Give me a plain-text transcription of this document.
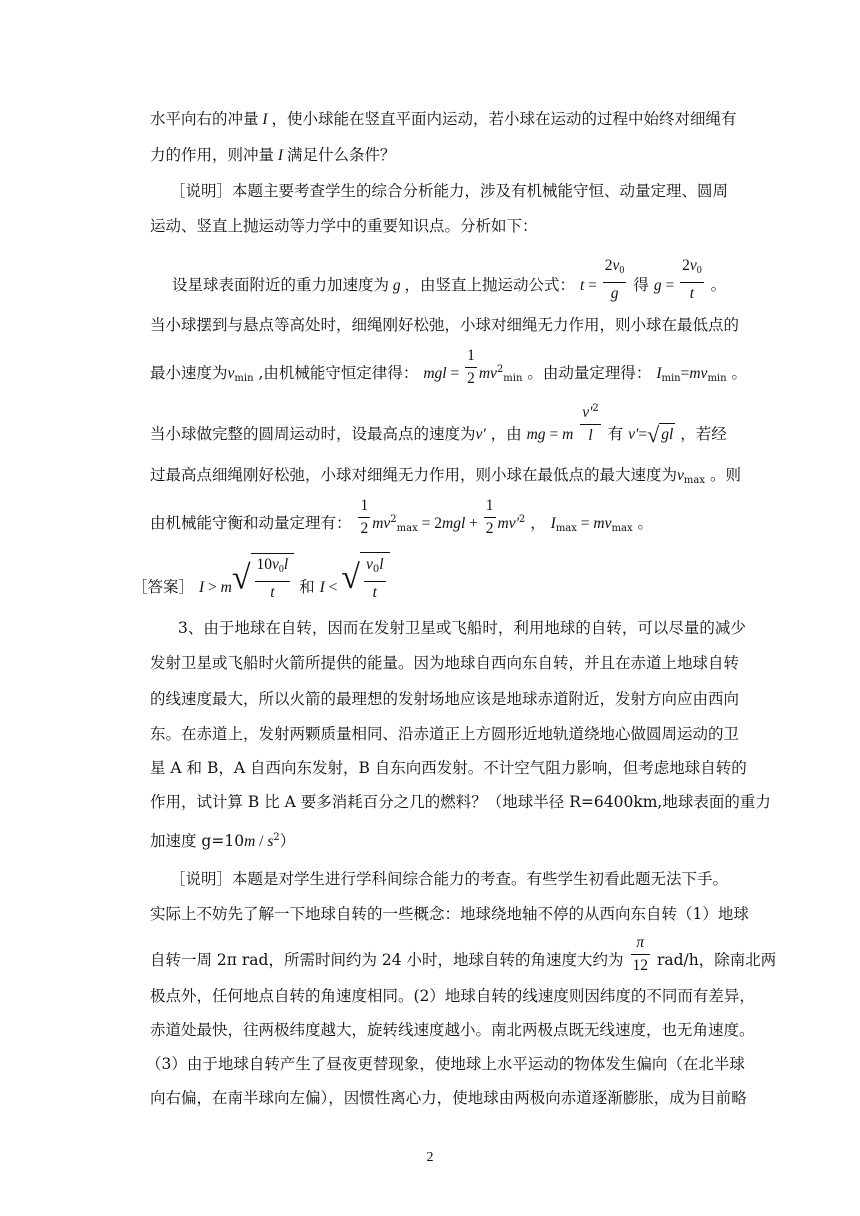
水平向右的冲量 I ，使小球能在竖直平面内运动，若小球在运动的过程中始终对细绳有
力的作用，则冲量 I 满足什么条件？
［说明］本题主要考查学生的综合分析能力，涉及有机械能守恒、动量定理、圆周
运动、竖直上抛运动等力学中的重要知识点。分析如下：
设星球表面附近的重力加速度为 g ，由竖直上抛运动公式： $t = \frac{2v_0}{g}$ 得 $g = \frac{2v_0}{t}$ 。
当小球摆到与悬点等高处时，细绳刚好松弛，小球对细绳无力作用，则小球在最低点的
最小速度为$v_{min}$ ,由机械能守恒定律得： mgl = $\frac{1}{2} mv^2_{min}$ 。由动量定理得： $I_{min}=mv_{min}$ 。
当小球做完整的圆周运动时，设最高点的速度为v' ，由 mg = m $\frac{v'^2}{l}$ 有 v'=√ gl ，若经
过最高点细绳刚好松弛，小球对细绳无力作用，则小球在最低点的最大速度为$v_{max}$ 。则
由机械能守衡和动量定理有： $\frac{1}{2} mv^2_{max} = 2mgl + \frac{1}{2} mv'^2$ ， $I_{max} = mv_{max}$ 。
［答案］ $I > m√ \frac{10v_0l}{t}$ 和 I < √ $\frac{v_0l}{t}$
3、由于地球在自转，因而在发射卫星或飞船时，利用地球的自转，可以尽量的减少
发射卫星或飞船时火箭所提供的能量。因为地球自西向东自转，并且在赤道上地球自转
的线速度最大，所以火箭的最理想的发射场地应该是地球赤道附近，发射方向应由西向
东。在赤道上，发射两颗质量相同、沿赤道正上方圆形近地轨道绕地心做圆周运动的卫
星 A 和 B，A 自西向东发射，B 自东向西发射。不计空气阻力影响，但考虑地球自转的
作用，试计算 B 比 A 要多消耗百分之几的燃料？（地球半径 R=6400km,地球表面的重力
加速度 $g=10m / s^2$）
［说明］本题是对学生进行学科间综合能力的考查。有些学生初看此题无法下手。
实际上不妨先了解一下地球自转的一些概念：地球绕地轴不停的从西向东自转（1）地球
自转一周 2π rad，所需时间约为 24 小时，地球自转的角速度大约为 $\frac{\pi}{12} rad/h$，除南北两
极点外，任何地点自转的角速度相同。(2）地球自转的线速度则因纬度的不同而有差异，
赤道处最快，往两极纬度越大，旋转线速度越小。南北两极点既无线速度，也无角速度。
（3）由于地球自转产生了昼夜更替现象，使地球上水平运动的物体发生偏向（在北半球
向右偏，在南半球向左偏），因惯性离心力，使地球由两极向赤道逐渐膨胀，成为目前略
2
